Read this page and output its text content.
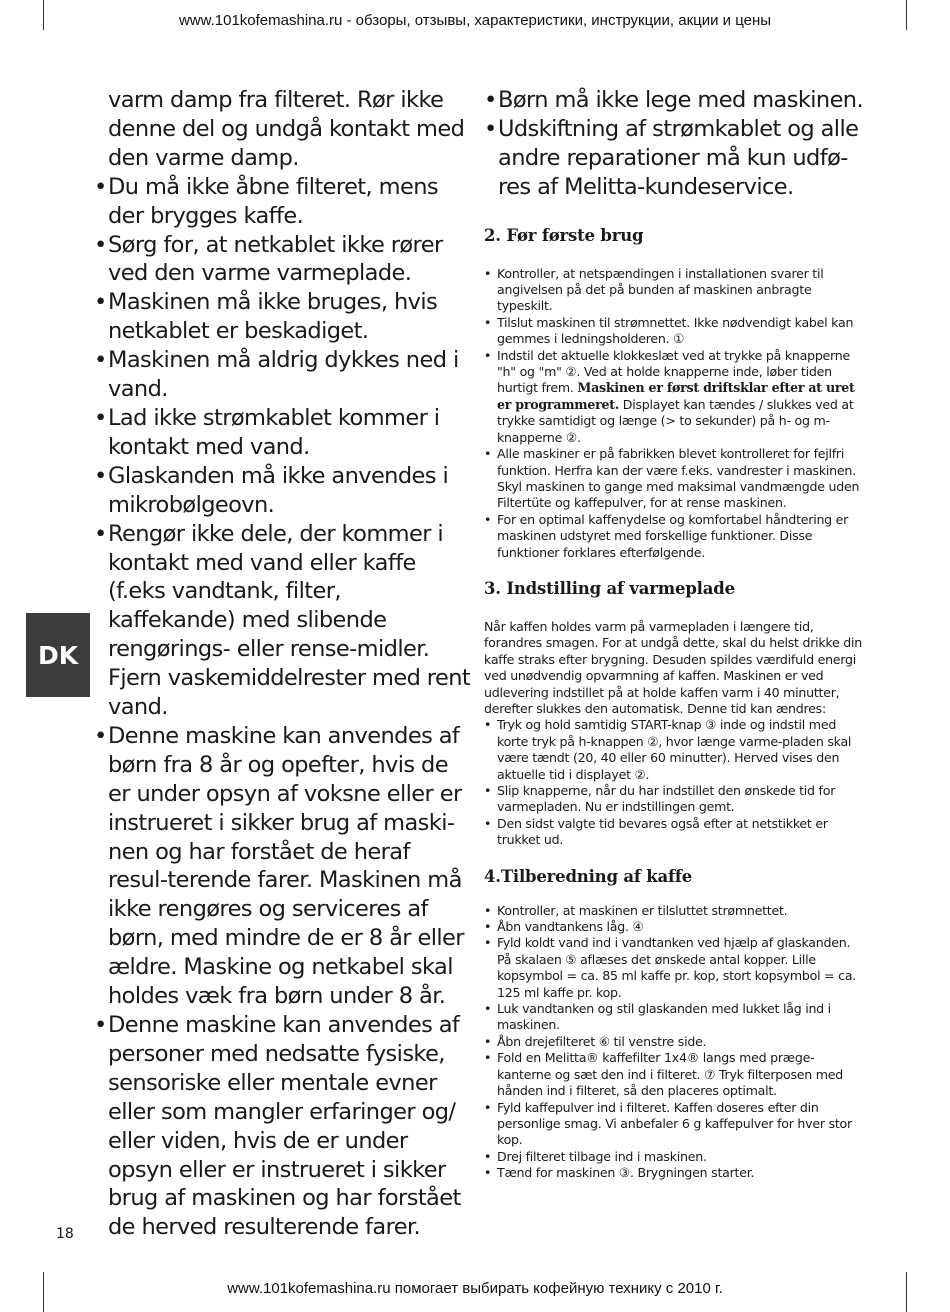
www.101kofemashina.ru - обзоры, отзывы, характеристики, инструкции, акции и цены
DK
varm damp fra filteret. Rør ikke denne del og undgå kontakt med den varme damp.
• Du må ikke åbne filteret, mens der brygges kaffe.
• Sørg for, at netkablet ikke rører ved den varme varmeplade.
• Maskinen må ikke bruges, hvis netkablet er beskadiget.
• Maskinen må aldrig dykkes ned i vand.
• Lad ikke strømkablet kommer i kontakt med vand.
• Glaskanden må ikke anvendes i mikrobølgeovn.
• Rengør ikke dele, der kommer i kontakt med vand eller kaffe (f.eks vandtank, filter, kaffekande) med slibende rengørings- eller rense-midler. Fjern vaskemiddelrester med rent vand.
• Denne maskine kan anvendes af børn fra 8 år og opefter, hvis de er under opsyn af voksne eller er instrueret i sikker brug af maski-nen og har forstået de heraf resul-terende farer. Maskinen må ikke rengøres og serviceres af børn, med mindre de er 8 år eller ældre. Maskine og netkabel skal holdes væk fra børn under 8 år.
• Denne maskine kan anvendes af personer med nedsatte fysiske, sensoriske eller mentale evner eller som mangler erfaringer og/ eller viden, hvis de er under opsyn eller er instrueret i sikker brug af maskinen og har forstået de herved resulterende farer.
• Børn må ikke lege med maskinen.
• Udskiftning af strømkablet og alle andre reparationer må kun udfø-res af Melitta-kundeservice.
2. Før første brug
• Kontroller, at netspændingen i installationen svarer til angivelsen på det på bunden af maskinen anbragte typeskilt.
• Tilslut maskinen til strømnettet. Ikke nødvendigt kabel kan gemmes i ledningsholderen. ①
• Indstil det aktuelle klokkeslæt ved at trykke på knapperne "h" og "m" ②. Ved at holde knapperne inde, løber tiden hurtigt frem. Maskinen er først driftsklar efter at uret er programmeret. Displayet kan tændes / slukkes ved at trykke samtidigt og længe (> to sekunder) på h- og m-knapperne ②.
• Alle maskiner er på fabrikken blevet kontrolleret for fejlfri funktion. Herfra kan der være f.eks. vandrester i maskinen. Skyl maskinen to gange med maksimal vandmængde uden Filtertüte og kaffepulver, for at rense maskinen.
• For en optimal kaffenydelse og komfortabel håndtering er maskinen udstyret med forskellige funktioner. Disse funktioner forklares efterfølgende.
3. Indstilling af varmeplade
Når kaffen holdes varm på varmepladen i længere tid, forandres smagen. For at undgå dette, skal du helst drikke din kaffe straks efter brygning. Desuden spildes værdifuld energi ved unødvendig opvarmning af kaffen. Maskinen er ved udlevering indstillet på at holde kaffen varm i 40 minutter, derefter slukkes den automatisk. Denne tid kan ændres:
• Tryk og hold samtidig START-knap ③ inde og indstil med korte tryk på h-knappen ②, hvor længe varme-pladen skal være tændt (20, 40 eller 60 minutter). Herved vises den aktuelle tid i displayet ②.
• Slip knapperne, når du har indstillet den ønskede tid for varmepladen. Nu er indstillingen gemt.
• Den sidst valgte tid bevares også efter at netstikket er trukket ud.
4.Tilberedning af kaffe
• Kontroller, at maskinen er tilsluttet strømnettet.
• Åbn vandtankens låg. ④
• Fyld koldt vand ind i vandtanken ved hjælp af glaskanden. På skalaen ⑤ aflæses det ønskede antal kopper. Lille kopsymbol = ca. 85 ml kaffe pr. kop, stort kopsymbol = ca. 125 ml kaffe pr. kop.
• Luk vandtanken og stil glaskanden med lukket låg ind i maskinen.
• Åbn drejefilteret ⑥ til venstre side.
• Fold en Melitta® kaffefilter 1x4® langs med præge-kanterne og sæt den ind i filteret. ⑦ Tryk filterposen med hånden ind i filteret, så den placeres optimalt.
• Fyld kaffepulver ind i filteret. Kaffen doseres efter din personlige smag. Vi anbefaler 6 g kaffepulver for hver stor kop.
• Drej filteret tilbage ind i maskinen.
• Tænd for maskinen ③. Brygningen starter.
18
www.101kofemashina.ru помогает выбирать кофейную технику с 2010 г.
